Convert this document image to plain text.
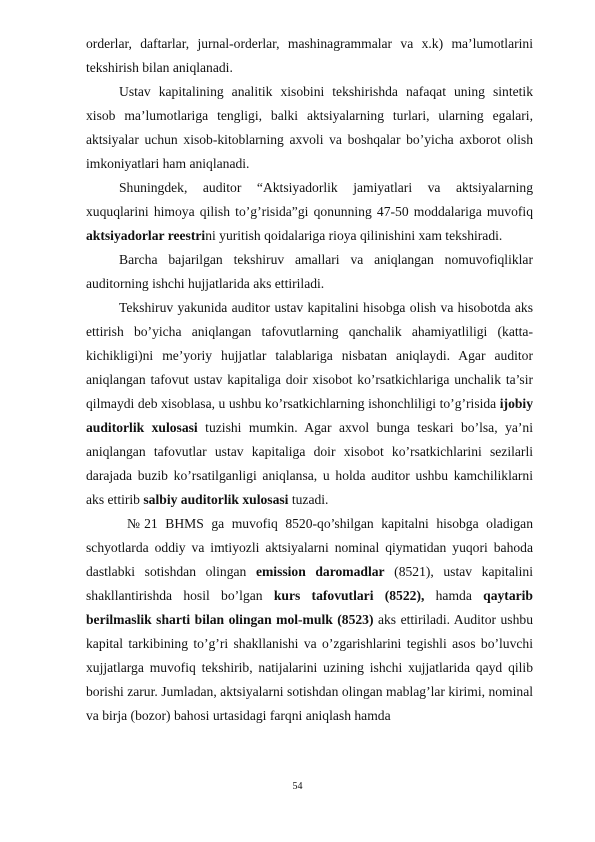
orderlar, daftarlar, jurnal-orderlar, mashinagrammalar va x.k) ma’lumotlarini tekshirish bilan aniqlanadi.

Ustav kapitalining analitik xisobini tekshirishda nafaqat uning sintetik xisob ma’lumotlariga tengligi, balki aktsiyalarning turlari, ularning egalari, aktsiyalar uchun xisob-kitoblarning axvoli va boshqalar bo’yicha axborot olish imkoniyatlari ham aniqlanadi.

Shuningdek, auditor “Aktsiyadorlik jamiyatlari va aktsiyalarning xuquqlarini himoya qilish to’g’risida”gi qonunning 47-50 moddalariga muvofiq aktsiyadorlar reestrini yuritish qoidalariga rioya qilinishini xam tekshiradi.

Barcha bajarilgan tekshiruv amallari va aniqlangan nomuvofiqliklar auditorning ishchi hujjatlarida aks ettiriladi.

Tekshiruv yakunida auditor ustav kapitalini hisobga olish va hisobotda aks ettirish bo’yicha aniqlangan tafovutlarning qanchalik ahamiyatliligi (katta-kichikligi)ni me’yoriy hujjatlar talablariga nisbatan aniqlaydi. Agar auditor aniqlangan tafovut ustav kapitaliga doir xisobot ko’rsatkichlariga unchalik ta’sir qilmaydi deb xisoblasa, u ushbu ko’rsatkichlarning ishonchliligi to’g’risida ijobiy auditorlik xulosasi tuzishi mumkin. Agar axvol bunga teskari bo’lsa, ya’ni aniqlangan tafovutlar ustav kapitaliga doir xisobot ko’rsatkichlarini sezilarli darajada buzib ko’rsatilganligi aniqlansa, u holda auditor ushbu kamchiliklarni aks ettirib salbiy auditorlik xulosasi tuzadi.

№21 BHMS ga muvofiq 8520-qo’shilgan kapitalni hisobga oladigan schyotlarda oddiy va imtiyozli aktsiyalarni nominal qiymatidan yuqori bahoda dastlabki sotishdan olingan emission daromadlar (8521), ustav kapitalini shakllantirishda hosil bo’lgan kurs tafovutlari (8522), hamda qaytarib berilmaslik sharti bilan olingan mol-mulk (8523) aks ettiriladi. Auditor ushbu kapital tarkibining to’g’ri shakllanishi va o’zgarishlarini tegishli asos bo’luvchi xujjatlarga muvofiq tekshirib, natijalarini uzining ishchi xujjatlarida qayd qilib borishi zarur. Jumladan, aktsiyalarni sotishdan olingan mablag’lar kirimi, nominal va birja (bozor) bahosi urtasidagi farqni aniqlash hamda

54
